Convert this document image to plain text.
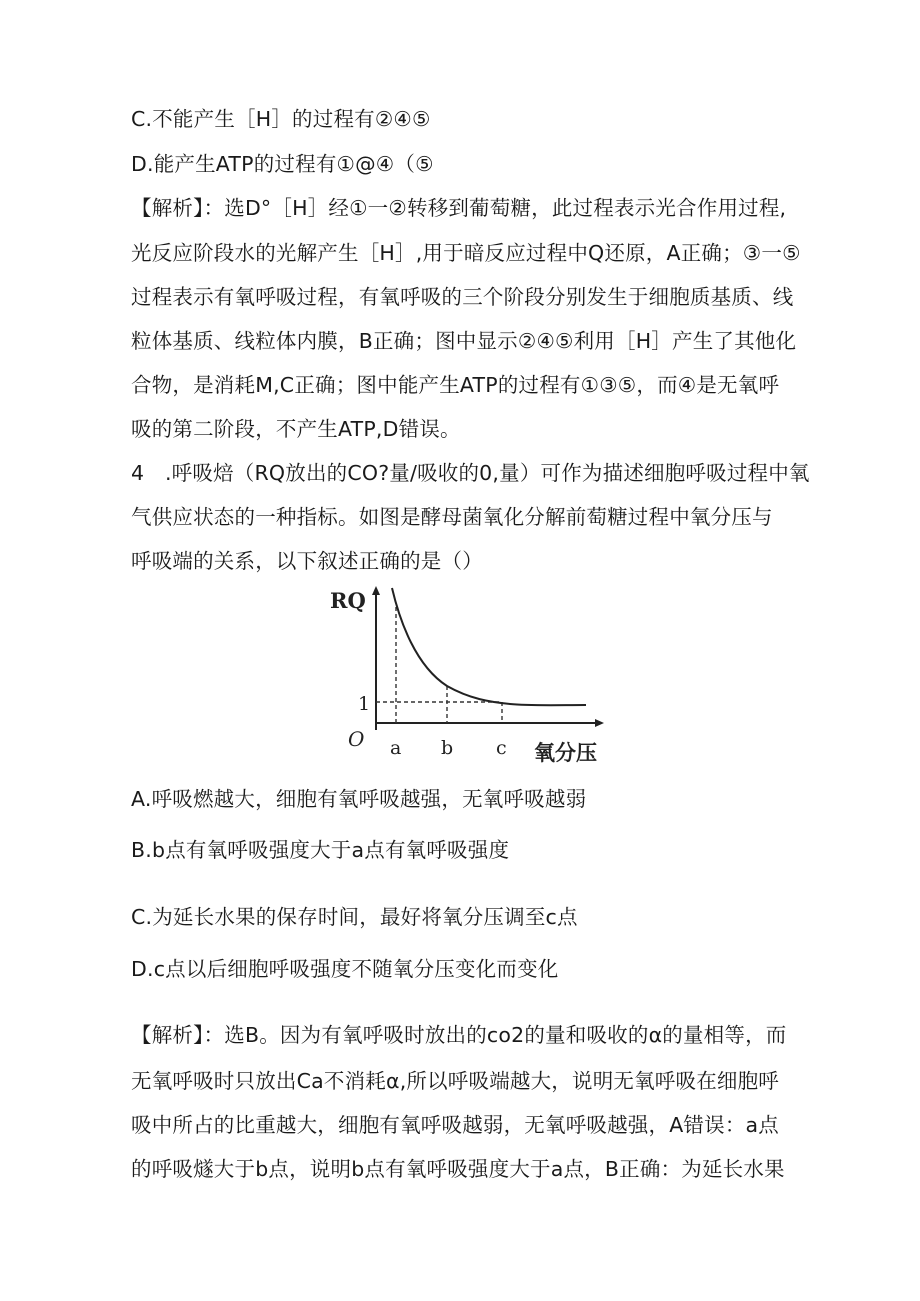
C.不能产生［H］的过程有②④⑤
D.能产生ATP的过程有①@④（⑤
【解析】：选D°［H］经①一②转移到葡萄糖，此过程表示光合作用过程,
光反应阶段水的光解产生［H］,用于暗反应过程中Q还原，A正确；③一⑤
过程表示有氧呼吸过程，有氧呼吸的三个阶段分别发生于细胞质基质、线
粒体基质、线粒体内膜，B正确；图中显示②④⑤利用［H］产生了其他化
合物，是消耗M,C正确；图中能产生ATP的过程有①③⑤，而④是无氧呼
吸的第二阶段，不产生ATP,D错误。
4　.呼吸焙（RQ放出的CO?量/吸收的0,量）可作为描述细胞呼吸过程中氧
气供应状态的一种指标。如图是酵母菌氧化分解前萄糖过程中氧分压与
呼吸端的关系，以下叙述正确的是（）
RQ
1
O a b c 氧分压
A.呼吸燃越大，细胞有氧呼吸越强，无氧呼吸越弱
B.b点有氧呼吸强度大于a点有氧呼吸强度
C.为延长水果的保存时间，最好将氧分压调至c点
D.c点以后细胞呼吸强度不随氧分压变化而变化
【解析】：选B。因为有氧呼吸时放出的co2的量和吸收的α的量相等，而
无氧呼吸时只放出Ca不消耗α,所以呼吸端越大，说明无氧呼吸在细胞呼
吸中所占的比重越大，细胞有氧呼吸越弱，无氧呼吸越强，A错误：a点
的呼吸燧大于b点，说明b点有氧呼吸强度大于a点，B正确：为延长水果
